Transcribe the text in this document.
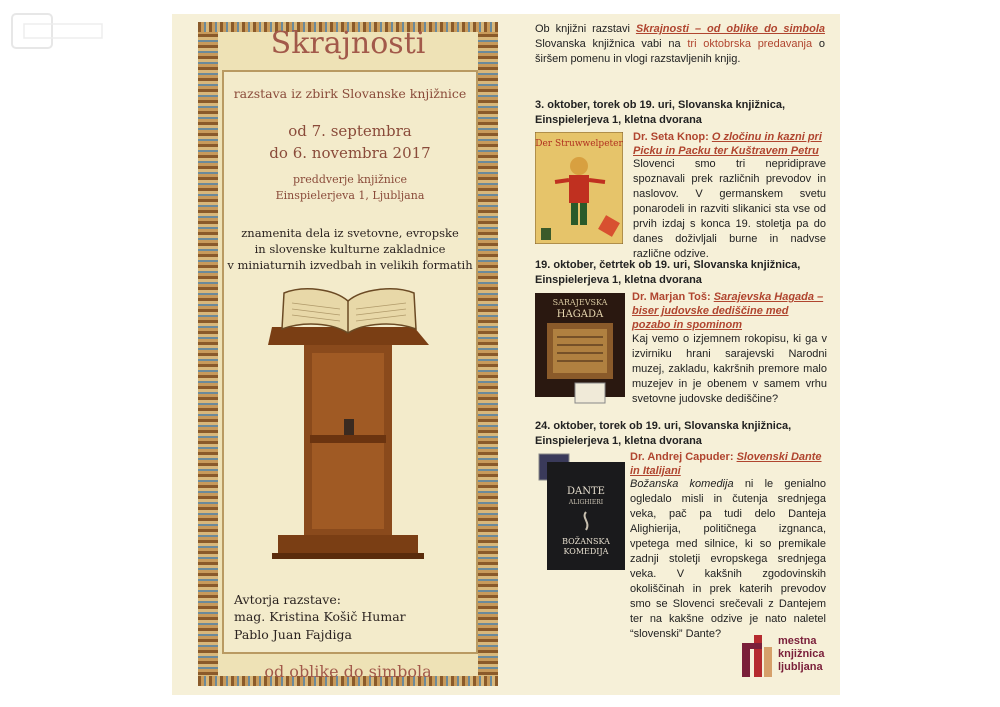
Skrajnosti
razstava iz zbirk Slovanske knjižnice
od 7. septembra
do 6. novembra 2017
preddverje knjižnice
Einspielerjeva 1, Ljubljana
znamenita dela iz svetovne, evropske
in slovenske kulturne zakladnice
v miniaturnih izvedbah in velikih formatih
Avtorja razstave:
mag. Kristina Košič Humar
Pablo Juan Fajdiga
od oblike do simbola
Ob knjižni razstavi Skrajnosti – od oblike do simbola Slovanska knjižnica vabi na tri oktobrska predavanja o širšem pomenu in vlogi razstavljenih knjig.
3. oktober, torek ob 19. uri, Slovanska knjižnica,
Einspielerjeva 1, kletna dvorana
Der Struwwelpeter
Dr. Seta Knop: O zločinu in kazni pri Picku in Packu ter Kuštravem Petru
Slovenci smo tri nepridiprave spoznavali prek različnih prevodov in naslovov. V germanskem svetu ponarodeli in razviti slikanici sta vse od prvih izdaj s konca 19. stoletja pa do danes doživljali burne in nadvse različne odzive.
19. oktober, četrtek ob 19. uri, Slovanska knjižnica,
Einspielerjeva 1, kletna dvorana
SARAJEVSKA
HAGADA
Dr. Marjan Toš: Sarajevska Hagada – biser judovske dediščine med pozabo in spominom
Kaj vemo o izjemnem rokopisu, ki ga v izvirniku hrani sarajevski Narodni muzej, zakladu, kakršnih premore malo muzejev in je obenem v samem vrhu svetovne judovske dediščine?
24. oktober, torek ob 19. uri, Slovanska knjižnica,
Einspielerjeva 1, kletna dvorana
DANTE
ALIGHIERI
BOŽANSKA
KOMEDIJA
Dr. Andrej Capuder: Slovenski Dante in Italijani
Božanska komedija ni le genialno ogledalo misli in čutenja srednjega veka, pač pa tudi delo Danteja Alighierija, političnega izgnanca, vpetega med silnice, ki so premikale zadnji stoletji evropskega srednjega veka. V kakšnih zgodovinskih okoliščinah in prek katerih prevodov smo se Slovenci srečevali z Dantejem ter na kakšne odzive je nato naletel “slovenski” Dante?
mestna
knjižnica
ljubljana
